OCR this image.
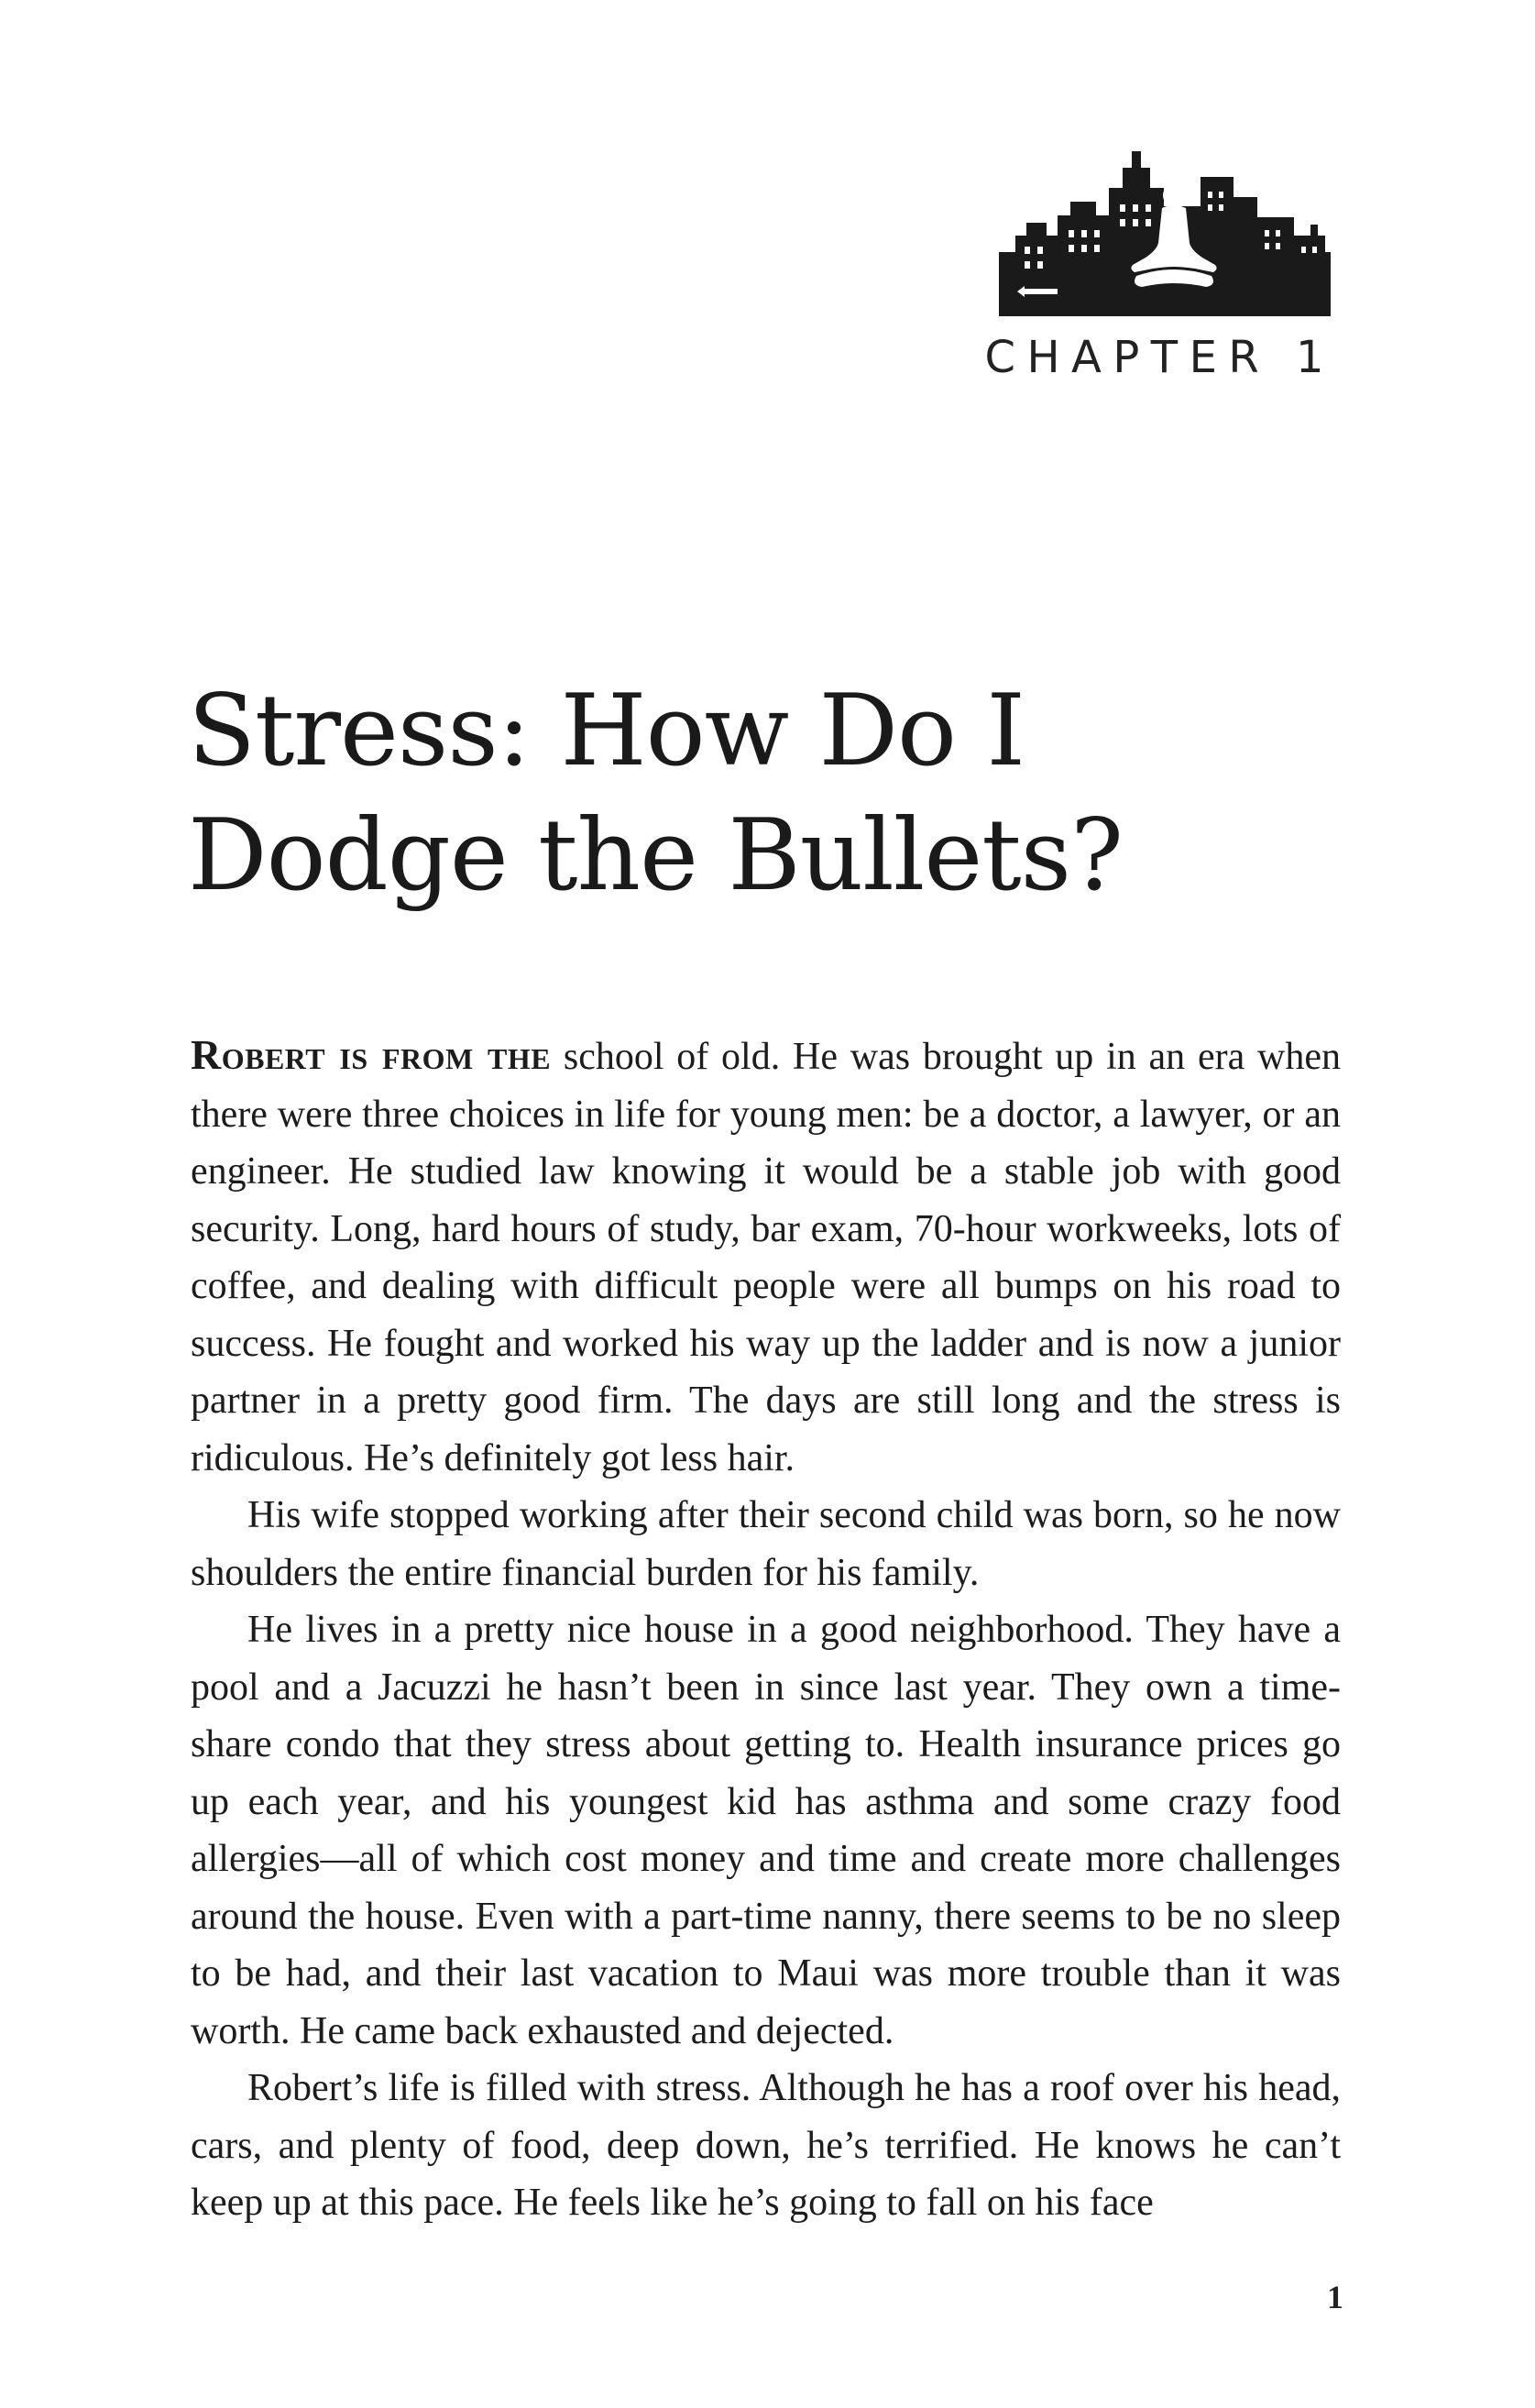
CHAPTER 1
Stress: How Do I
Dodge the Bullets?

Robert is from the school of old. He was brought up in an era when there were three choices in life for young men: be a doctor, a lawyer, or an engineer. He studied law knowing it would be a stable job with good security. Long, hard hours of study, bar exam, 70-hour workweeks, lots of coffee, and dealing with difficult people were all bumps on his road to success. He fought and worked his way up the ladder and is now a junior partner in a pretty good firm. The days are still long and the stress is ridiculous. He’s definitely got less hair.

His wife stopped working after their second child was born, so he now shoulders the entire financial burden for his family.

He lives in a pretty nice house in a good neighborhood. They have a pool and a Jacuzzi he hasn’t been in since last year. They own a time-share condo that they stress about getting to. Health insurance prices go up each year, and his youngest kid has asthma and some crazy food allergies—all of which cost money and time and create more challenges around the house. Even with a part-time nanny, there seems to be no sleep to be had, and their last vacation to Maui was more trouble than it was worth. He came back exhausted and dejected.

Robert’s life is filled with stress. Although he has a roof over his head, cars, and plenty of food, deep down, he’s terrified. He knows he can’t keep up at this pace. He feels like he’s going to fall on his face

1
